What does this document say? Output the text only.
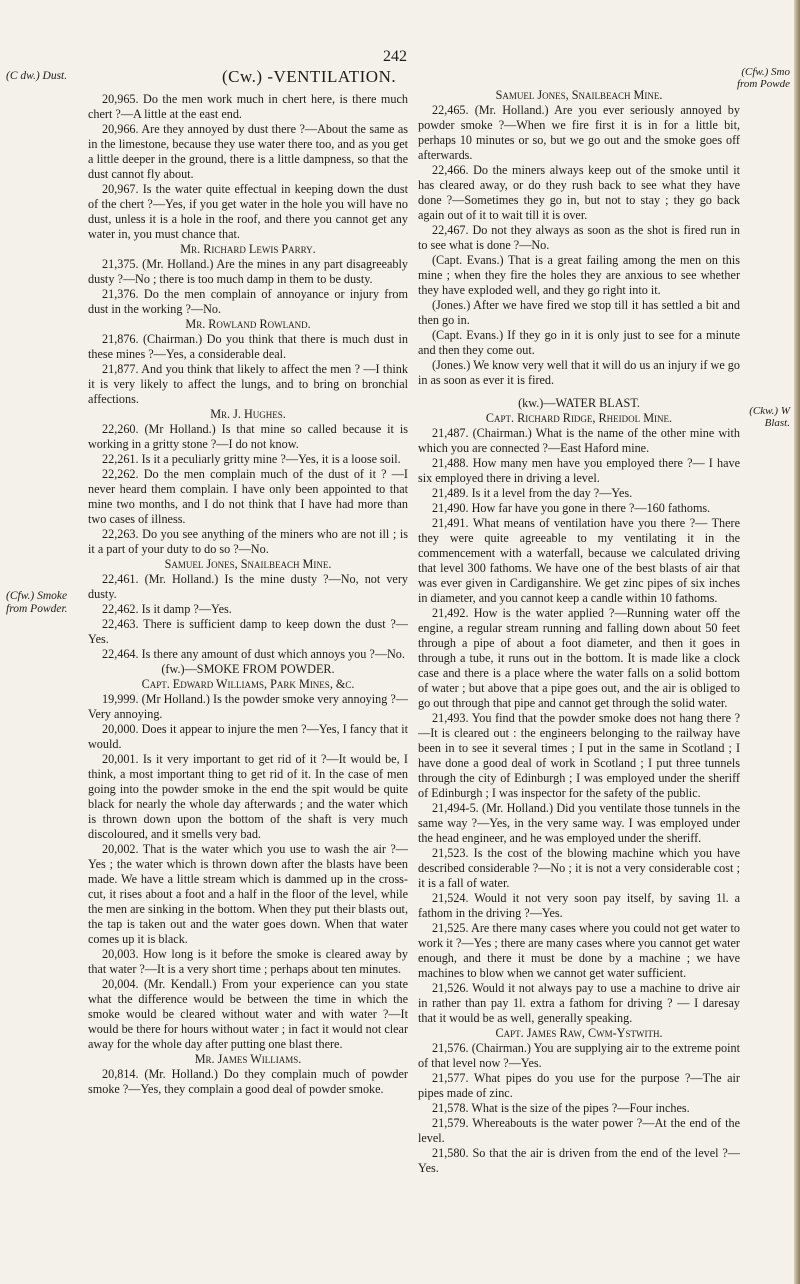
242
(Cw.) -VENTILATION.
(C dw.) Dust.
(Cfw.) Smoke
from Powder.
(Cfw.) Smo
from Powde
(Ckw.) W
Blast.

20,965. Do the men work much in chert here, is there much chert ?—A little at the east end.

20,966. Are they annoyed by dust there ?—About the same as in the limestone, because they use water there too, and as you get a little deeper in the ground, there is a little dampness, so that the dust cannot fly about.

20,967. Is the water quite effectual in keeping down the dust of the chert ?—Yes, if you get water in the hole you will have no dust, unless it is a hole in the roof, and there you cannot get any water in, you must chance that.

Mr. Richard Lewis Parry.

21,375. (Mr. Holland.) Are the mines in any part disagreeably dusty ?—No ; there is too much damp in them to be dusty.

21,376. Do the men complain of annoyance or injury from dust in the working ?—No.

Mr. Rowland Rowland.

21,876. (Chairman.) Do you think that there is much dust in these mines ?—Yes, a considerable deal.

21,877. And you think that likely to affect the men ? —I think it is very likely to affect the lungs, and to bring on bronchial affections.

Mr. J. Hughes.

22,260. (Mr Holland.) Is that mine so called because it is working in a gritty stone ?—I do not know.

22,261. Is it a peculiarly gritty mine ?—Yes, it is a loose soil.

22,262. Do the men complain much of the dust of it ? —I never heard them complain. I have only been appointed to that mine two months, and I do not think that I have had more than two cases of illness.

22,263. Do you see anything of the miners who are not ill ; is it a part of your duty to do so ?—No.

Samuel Jones, Snailbeach Mine.

22,461. (Mr. Holland.) Is the mine dusty ?—No, not very dusty.

22,462. Is it damp ?—Yes.

22,463. There is sufficient damp to keep down the dust ?—Yes.

22,464. Is there any amount of dust which annoys you ?—No.

(fw.)—SMOKE FROM POWDER.

Capt. Edward Williams, Park Mines, &c.

19,999. (Mr Holland.) Is the powder smoke very annoying ?—Very annoying.

20,000. Does it appear to injure the men ?—Yes, I fancy that it would.

20,001. Is it very important to get rid of it ?—It would be, I think, a most important thing to get rid of it. In the case of men going into the powder smoke in the end the spit would be quite black for nearly the whole day afterwards ; and the water which is thrown down upon the bottom of the shaft is very much discoloured, and it smells very bad.

20,002. That is the water which you use to wash the air ?—Yes ; the water which is thrown down after the blasts have been made. We have a little stream which is dammed up in the cross-cut, it rises about a foot and a half in the floor of the level, while the men are sinking in the bottom. When they put their blasts out, the tap is taken out and the water goes down. When that water comes up it is black.

20,003. How long is it before the smoke is cleared away by that water ?—It is a very short time ; perhaps about ten minutes.

20,004. (Mr. Kendall.) From your experience can you state what the difference would be between the time in which the smoke would be cleared without water and with water ?—It would be there for hours without water ; in fact it would not clear away for the whole day after putting one blast there.

Mr. James Williams.

20,814. (Mr. Holland.) Do they complain much of powder smoke ?—Yes, they complain a good deal of powder smoke.

Samuel Jones, Snailbeach Mine.

22,465. (Mr. Holland.) Are you ever seriously annoyed by powder smoke ?—When we fire first it is in for a little bit, perhaps 10 minutes or so, but we go out and the smoke goes off afterwards.

22,466. Do the miners always keep out of the smoke until it has cleared away, or do they rush back to see what they have done ?—Sometimes they go in, but not to stay ; they go back again out of it to wait till it is over.

22,467. Do not they always as soon as the shot is fired run in to see what is done ?—No.

(Capt. Evans.) That is a great failing among the men on this mine ; when they fire the holes they are anxious to see whether they have exploded well, and they go right into it.

(Jones.) After we have fired we stop till it has settled a bit and then go in.

(Capt. Evans.) If they go in it is only just to see for a minute and then they come out.

(Jones.) We know very well that it will do us an injury if we go in as soon as ever it is fired.

(kw.)—WATER BLAST.

Capt. Richard Ridge, Rheidol Mine.

21,487. (Chairman.) What is the name of the other mine with which you are connected ?—East Haford mine.

21,488. How many men have you employed there ?— I have six employed there in driving a level.

21,489. Is it a level from the day ?—Yes.

21,490. How far have you gone in there ?—160 fathoms.

21,491. What means of ventilation have you there ?— There they were quite agreeable to my ventilating it in the commencement with a waterfall, because we calculated driving that level 300 fathoms. We have one of the best blasts of air that was ever given in Cardiganshire. We get zinc pipes of six inches in diameter, and you cannot keep a candle within 10 fathoms.

21,492. How is the water applied ?—Running water off the engine, a regular stream running and falling down about 50 feet through a pipe of about a foot diameter, and then it goes in through a tube, it runs out in the bottom. It is made like a clock case and there is a place where the water falls on a solid bottom of water ; but above that a pipe goes out, and the air is obliged to go out through that pipe and cannot get through the solid water.

21,493. You find that the powder smoke does not hang there ?—It is cleared out : the engineers belonging to the railway have been in to see it several times ; I put in the same in Scotland ; I have done a good deal of work in Scotland ; I put three tunnels through the city of Edinburgh ; I was employed under the sheriff of Edinburgh ; I was inspector for the safety of the public.

21,494-5. (Mr. Holland.) Did you ventilate those tunnels in the same way ?—Yes, in the very same way. I was employed under the head engineer, and he was employed under the sheriff.

21,523. Is the cost of the blowing machine which you have described considerable ?—No ; it is not a very considerable cost ; it is a fall of water.

21,524. Would it not very soon pay itself, by saving 1l. a fathom in the driving ?—Yes.

21,525. Are there many cases where you could not get water to work it ?—Yes ; there are many cases where you cannot get water enough, and there it must be done by a machine ; we have machines to blow when we cannot get water sufficient.

21,526. Would it not always pay to use a machine to drive air in rather than pay 1l. extra a fathom for driving ? — I daresay that it would be as well, generally speaking.

Capt. James Raw, Cwm-Ystwith.

21,576. (Chairman.) You are supplying air to the extreme point of that level now ?—Yes.

21,577. What pipes do you use for the purpose ?—The air pipes made of zinc.

21,578. What is the size of the pipes ?—Four inches.

21,579. Whereabouts is the water power ?—At the end of the level.

21,580. So that the air is driven from the end of the level ?—Yes.
